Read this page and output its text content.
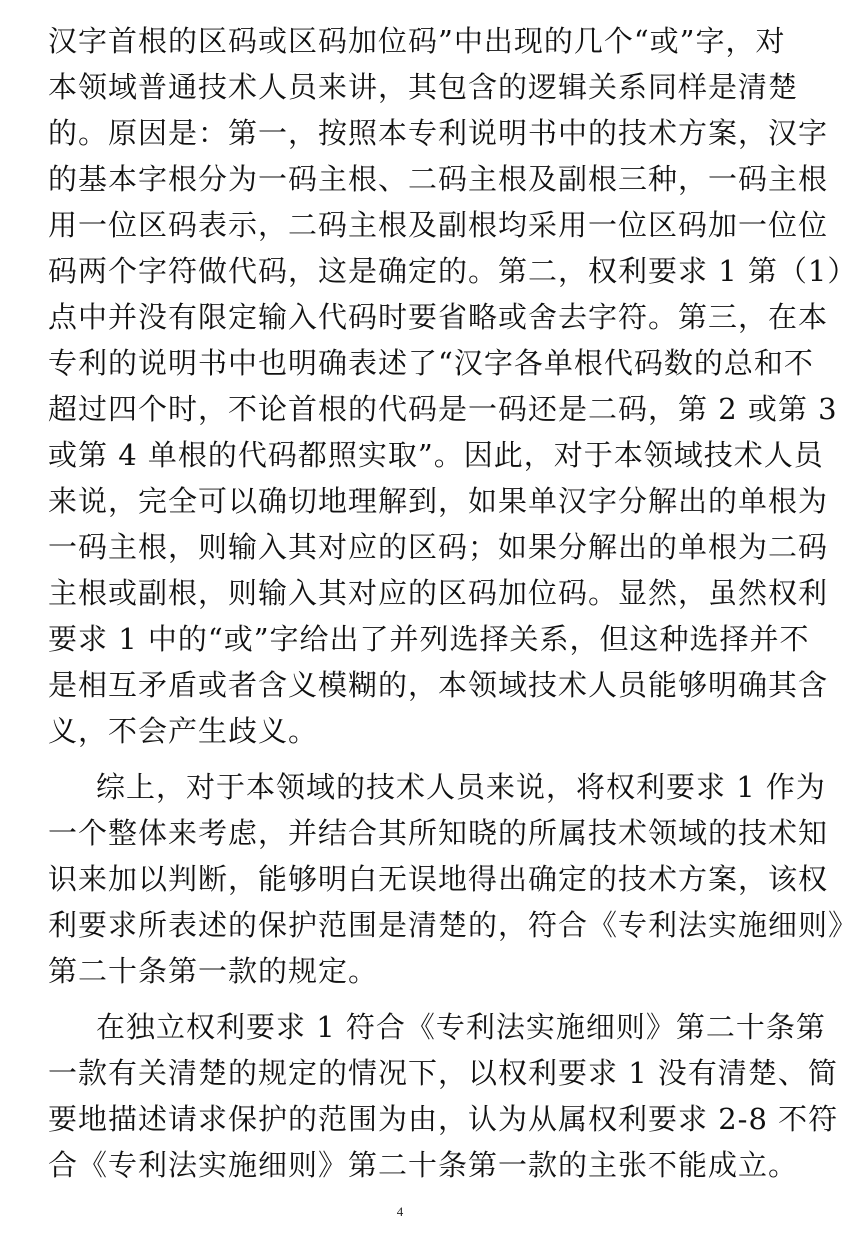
汉字首根的区码或区码加位码”中出现的几个“或”字，对
本领域普通技术人员来讲，其包含的逻辑关系同样是清楚
的。原因是：第一，按照本专利说明书中的技术方案，汉字
的基本字根分为一码主根、二码主根及副根三种，一码主根
用一位区码表示，二码主根及副根均采用一位区码加一位位
码两个字符做代码，这是确定的。第二，权利要求 1 第（1）
点中并没有限定输入代码时要省略或舍去字符。第三，在本
专利的说明书中也明确表述了“汉字各单根代码数的总和不
超过四个时，不论首根的代码是一码还是二码，第 2 或第 3
或第 4 单根的代码都照实取”。因此，对于本领域技术人员
来说，完全可以确切地理解到，如果单汉字分解出的单根为
一码主根，则输入其对应的区码；如果分解出的单根为二码
主根或副根，则输入其对应的区码加位码。显然，虽然权利
要求 1 中的“或”字给出了并列选择关系，但这种选择并不
是相互矛盾或者含义模糊的，本领域技术人员能够明确其含
义，不会产生歧义。
综上，对于本领域的技术人员来说，将权利要求 1 作为
一个整体来考虑，并结合其所知晓的所属技术领域的技术知
识来加以判断，能够明白无误地得出确定的技术方案，该权
利要求所表述的保护范围是清楚的，符合《专利法实施细则》
第二十条第一款的规定。
在独立权利要求 1 符合《专利法实施细则》第二十条第
一款有关清楚的规定的情况下，以权利要求 1 没有清楚、简
要地描述请求保护的范围为由，认为从属权利要求 2-8 不符
合《专利法实施细则》第二十条第一款的主张不能成立。
4
